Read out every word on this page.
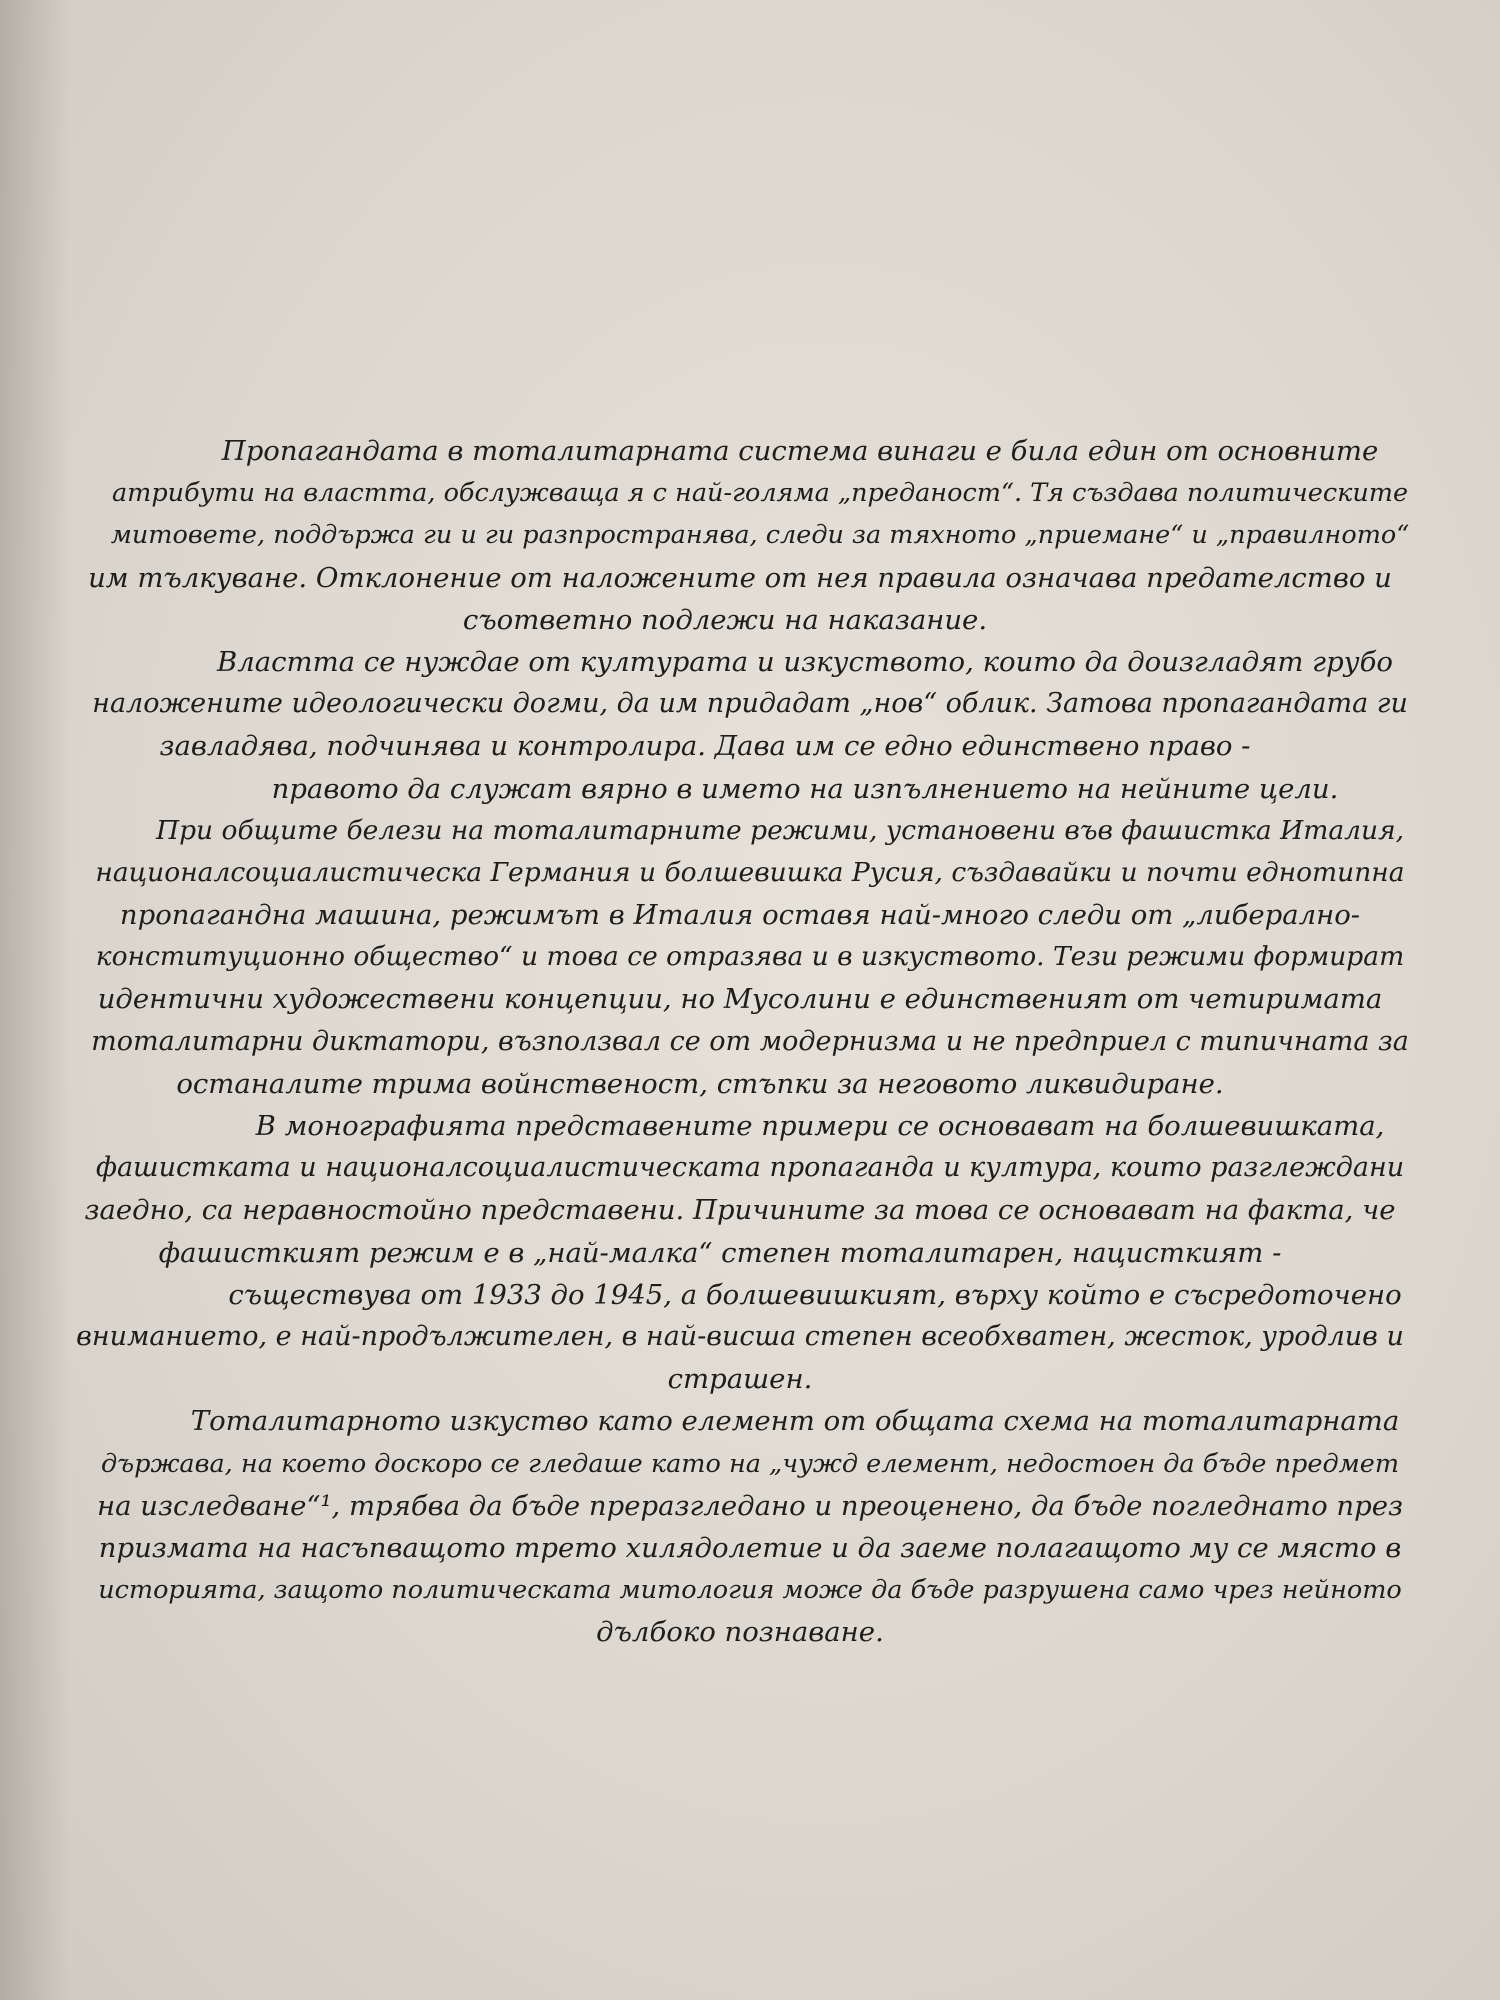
Пропагандата в тоталитарната система винаги е била един от основните
атрибути на властта, обслужваща я с най-голяма „преданост“. Тя създава политическите
митовете, поддържа ги и ги разпространява, следи за тяхното „приемане“ и „правилното“
им тълкуване. Отклонение от наложените от нея правила означава предателство и
съответно подлежи на наказание.
Властта се нуждае от културата и изкуството, които да доизгладят грубо
наложените идеологически догми, да им придадат „нов“ облик. Затова пропагандата ги
завладява, подчинява и контролира. Дава им се едно единствено право -
правото да служат вярно в името на изпълнението на нейните цели.
При общите белези на тоталитарните режими, установени във фашистка Италия,
националсоциалистическа Германия и болшевишка Русия, създавайки и почти еднотипна
пропагандна машина, режимът в Италия оставя най-много следи от „либерално-
конституционно общество“ и това се отразява и в изкуството. Тези режими формират
идентични художествени концепции, но Мусолини е единственият от четиримата
тоталитарни диктатори, възползвал се от модернизма и не предприел с типичната за
останалите трима войнственост, стъпки за неговото ликвидиране.
В монографията представените примери се основават на болшевишката,
фашистката и националсоциалистическата пропаганда и култура, които разглеждани
заедно, са неравностойно представени. Причините за това се основават на факта, че
фашисткият режим е в „най-малка“ степен тоталитарен, нацисткият -
съществува от 1933 до 1945, а болшевишкият, върху който е съсредоточено
вниманието, е най-продължителен, в най-висша степен всеобхватен, жесток, уродлив и
страшен.
Тоталитарното изкуство като елемент от общата схема на тоталитарната
държава, на което доскоро се гледаше като на „чужд елемент, недостоен да бъде предмет
на изследване“¹, трябва да бъде преразгледано и преоценено, да бъде погледнато през
призмата на насъпващото трето хилядолетие и да заеме полагащото му се място в
историята, защото политическата митология може да бъде разрушена само чрез нейното
дълбоко познаване.
